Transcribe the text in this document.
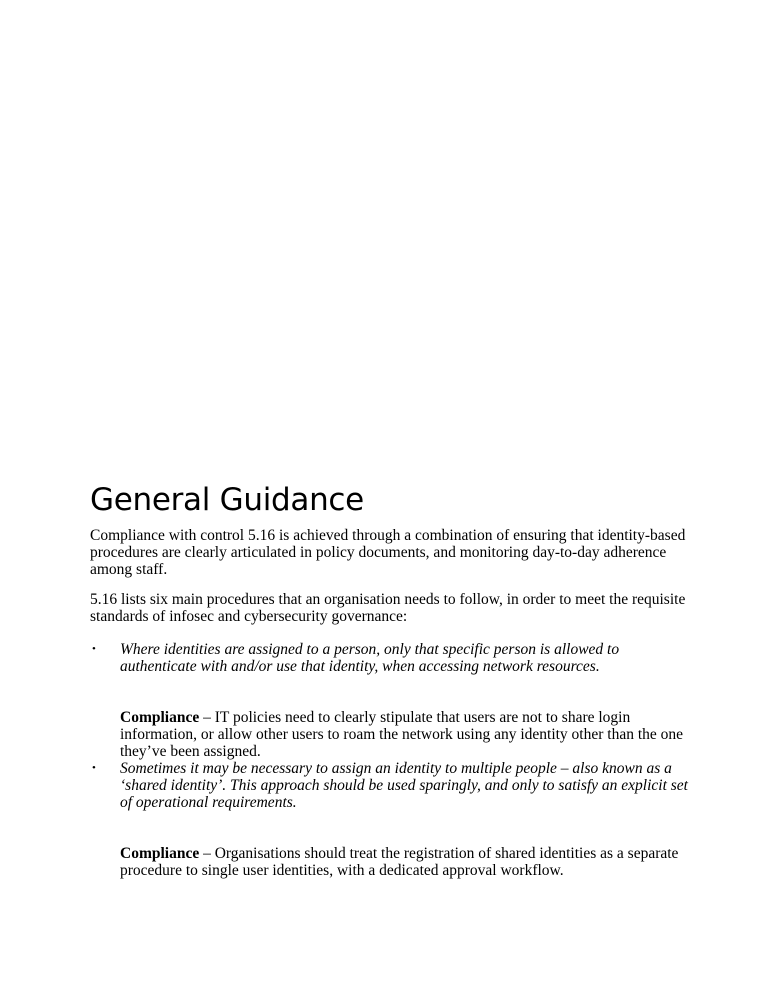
General Guidance

Compliance with control 5.16 is achieved through a combination of ensuring that identity-based procedures are clearly articulated in policy documents, and monitoring day-to-day adherence among staff.

5.16 lists six main procedures that an organisation needs to follow, in order to meet the requisite standards of infosec and cybersecurity governance:

• Where identities are assigned to a person, only that specific person is allowed to authenticate with and/or use that identity, when accessing network resources.

Compliance – IT policies need to clearly stipulate that users are not to share login information, or allow other users to roam the network using any identity other than the one they’ve been assigned.

• Sometimes it may be necessary to assign an identity to multiple people – also known as a ‘shared identity’. This approach should be used sparingly, and only to satisfy an explicit set of operational requirements.

Compliance – Organisations should treat the registration of shared identities as a separate procedure to single user identities, with a dedicated approval workflow.
